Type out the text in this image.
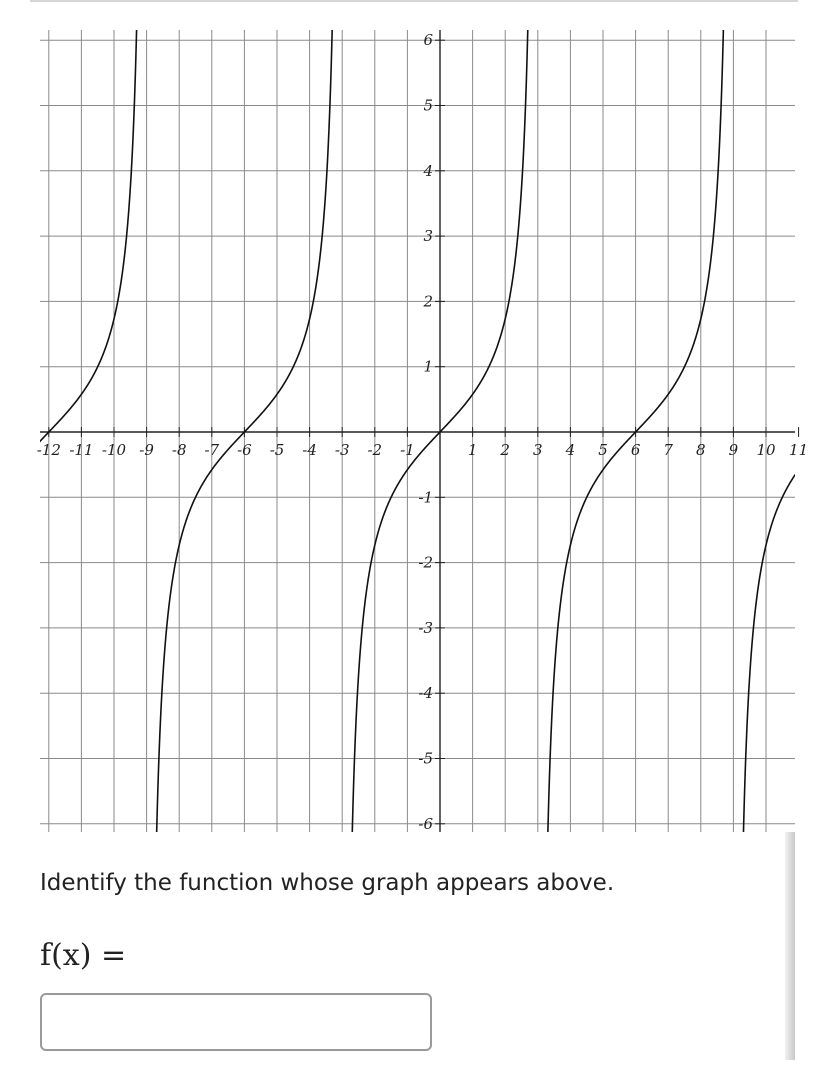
-12 -11 -10 -9 -8 -7 -6 -5 -4 -3 -2 -1	1 2 3 4 5 6 7 8 9 10 11
-6
-5
-4
-3
-2
-1
1
2
3
4
5
6
Identify the function whose graph appears above.
f(x) =
